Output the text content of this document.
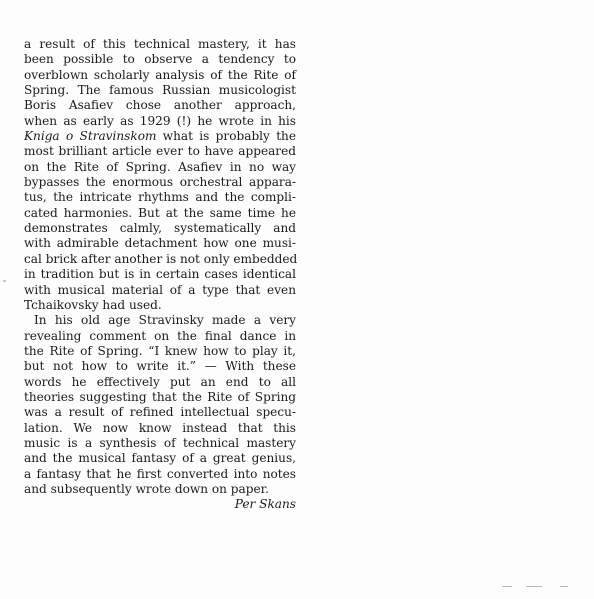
a result of this technical mastery, it has
been possible to observe a tendency to
overblown scholarly analysis of the Rite of
Spring. The famous Russian musicologist
Boris Asafiev chose another approach,
when as early as 1929 (!) he wrote in his
Kniga o Stravinskom what is probably the
most brilliant article ever to have appeared
on the Rite of Spring. Asafiev in no way
bypasses the enormous orchestral appara-
tus, the intricate rhythms and the compli-
cated harmonies. But at the same time he
demonstrates calmly, systematically and
with admirable detachment how one musi-
cal brick after another is not only embedded
in tradition but is in certain cases identical
with musical material of a type that even
Tchaikovsky had used.
In his old age Stravinsky made a very
revealing comment on the final dance in
the Rite of Spring. “I knew how to play it,
but not how to write it.” — With these
words he effectively put an end to all
theories suggesting that the Rite of Spring
was a result of refined intellectual specu-
lation. We now know instead that this
music is a synthesis of technical mastery
and the musical fantasy of a great genius,
a fantasy that he first converted into notes
and subsequently wrote down on paper.
Per Skans
